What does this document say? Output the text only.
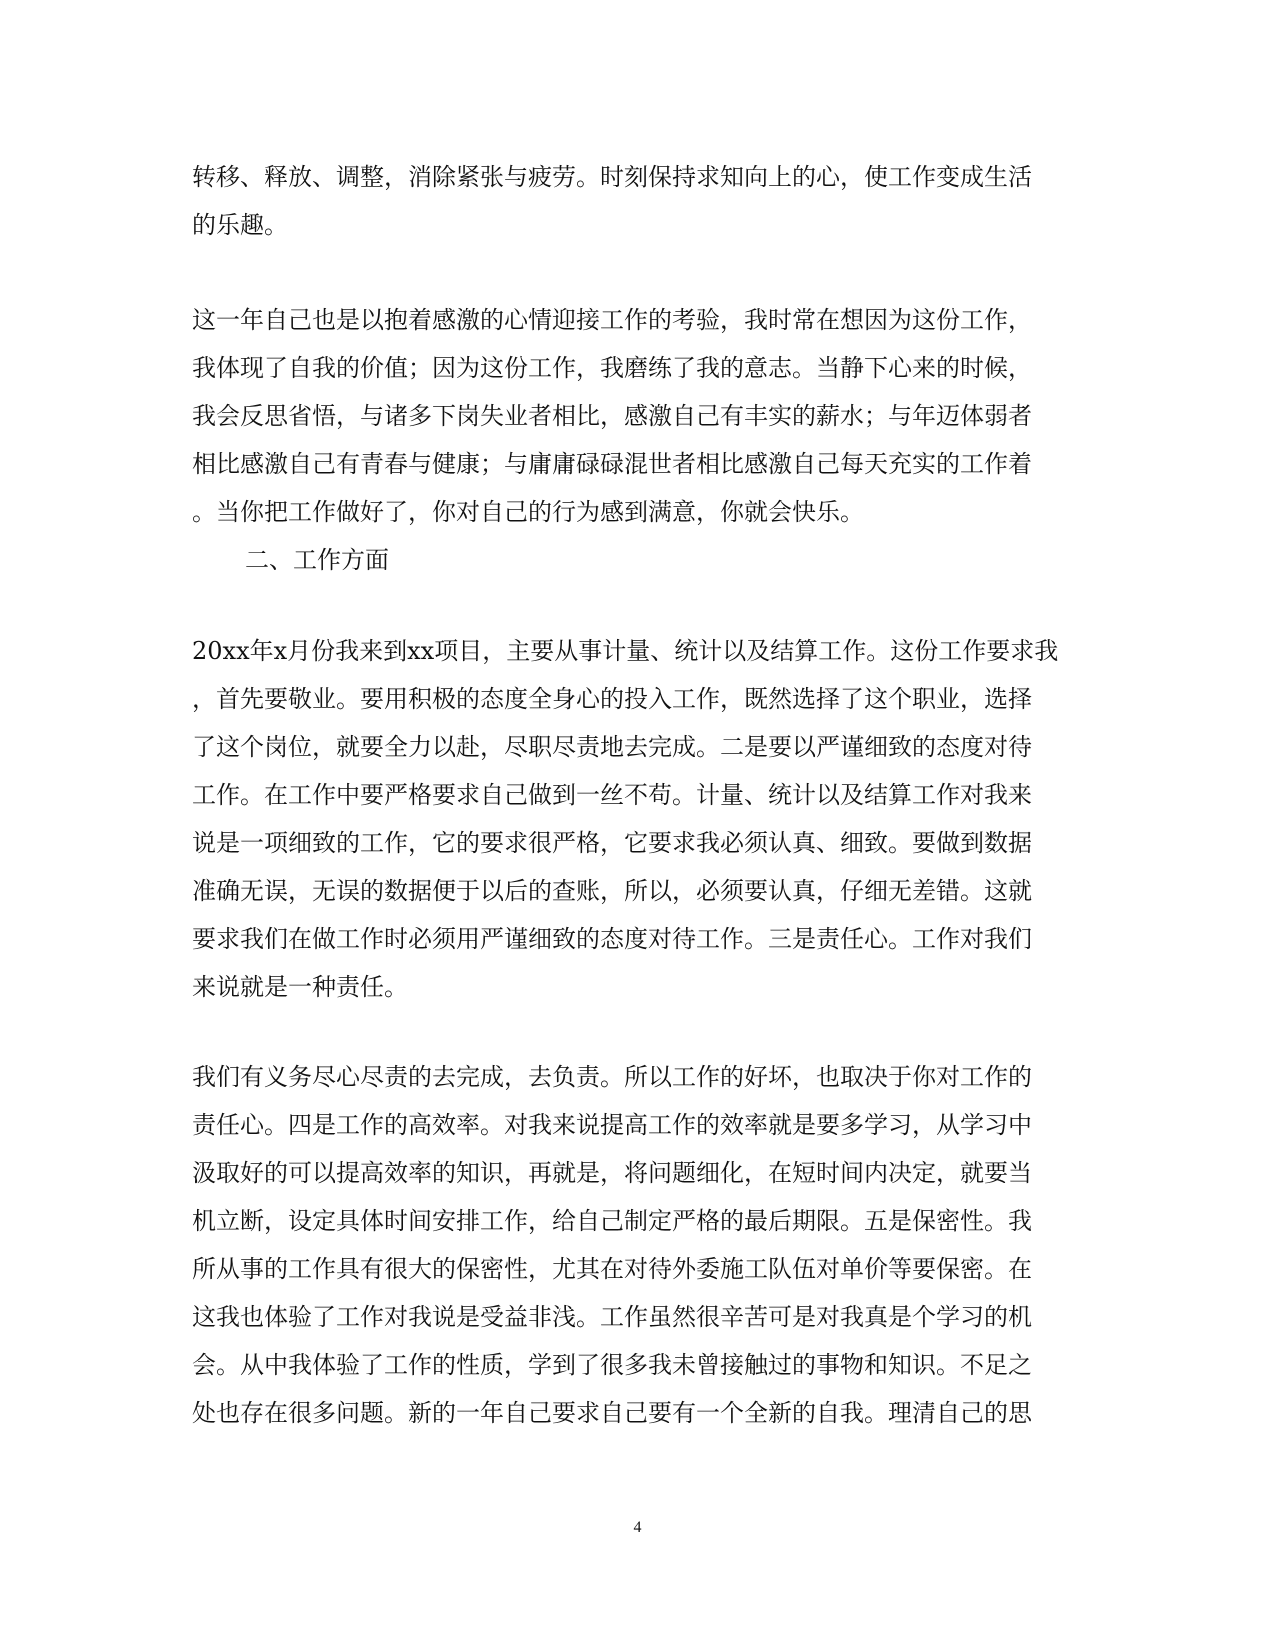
转移、释放、调整，消除紧张与疲劳。时刻保持求知向上的心，使工作变成生活
的乐趣。
这一年自己也是以抱着感激的心情迎接工作的考验，我时常在想因为这份工作，
我体现了自我的价值；因为这份工作，我磨练了我的意志。当静下心来的时候，
我会反思省悟，与诸多下岗失业者相比，感激自己有丰实的薪水；与年迈体弱者
相比感激自己有青春与健康；与庸庸碌碌混世者相比感激自己每天充实的工作着
。当你把工作做好了，你对自己的行为感到满意，你就会快乐。
二、工作方面
20xx年x月份我来到xx项目，主要从事计量、统计以及结算工作。这份工作要求我
，首先要敬业。要用积极的态度全身心的投入工作，既然选择了这个职业，选择
了这个岗位，就要全力以赴，尽职尽责地去完成。二是要以严谨细致的态度对待
工作。在工作中要严格要求自己做到一丝不苟。计量、统计以及结算工作对我来
说是一项细致的工作，它的要求很严格，它要求我必须认真、细致。要做到数据
准确无误，无误的数据便于以后的查账，所以，必须要认真，仔细无差错。这就
要求我们在做工作时必须用严谨细致的态度对待工作。三是责任心。工作对我们
来说就是一种责任。
我们有义务尽心尽责的去完成，去负责。所以工作的好坏，也取决于你对工作的
责任心。四是工作的高效率。对我来说提高工作的效率就是要多学习，从学习中
汲取好的可以提高效率的知识，再就是，将问题细化，在短时间内决定，就要当
机立断，设定具体时间安排工作，给自己制定严格的最后期限。五是保密性。我
所从事的工作具有很大的保密性，尤其在对待外委施工队伍对单价等要保密。在
这我也体验了工作对我说是受益非浅。工作虽然很辛苦可是对我真是个学习的机
会。从中我体验了工作的性质，学到了很多我未曾接触过的事物和知识。不足之
处也存在很多问题。新的一年自己要求自己要有一个全新的自我。理清自己的思
4
